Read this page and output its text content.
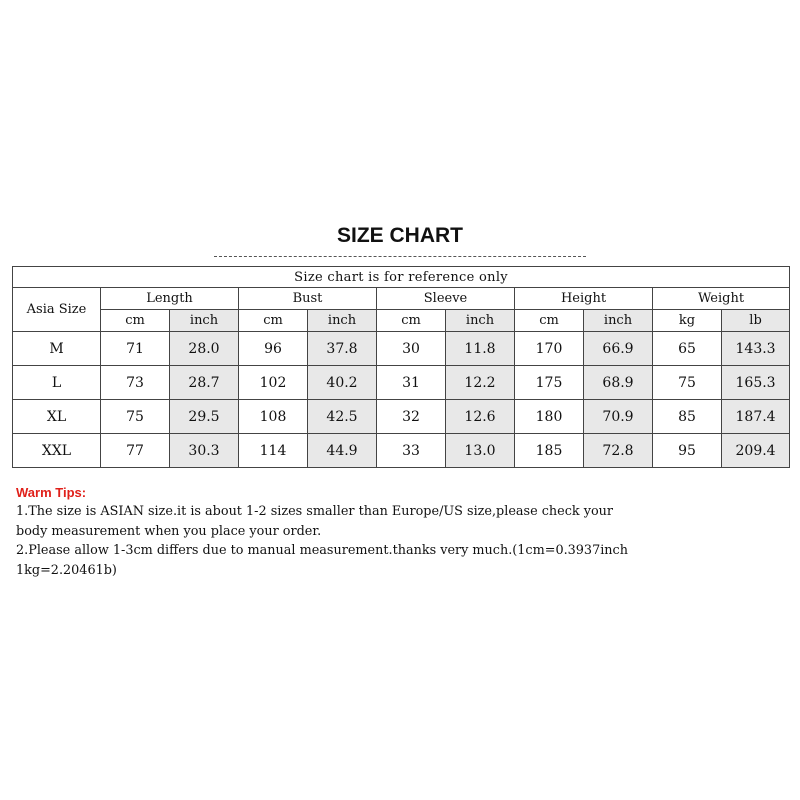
SIZE CHART
Size chart is for reference only										
Asia Size	Length		Bust		Sleeve		Height		Weight	
	cm	inch	cm	inch	cm	inch	cm	inch	kg	lb
M	71	28.0	96	37.8	30	11.8	170	66.9	65	143.3
L	73	28.7	102	40.2	31	12.2	175	68.9	75	165.3
XL	75	29.5	108	42.5	32	12.6	180	70.9	85	187.4
XXL	77	30.3	114	44.9	33	13.0	185	72.8	95	209.4
Warm Tips:
1.The size is ASIAN size.it is about 1-2 sizes smaller than Europe/US size,please check your
body measurement when you place your order.
2.Please allow 1-3cm differs due to manual measurement.thanks very much.(1cm=0.3937inch
1kg=2.20461b)
